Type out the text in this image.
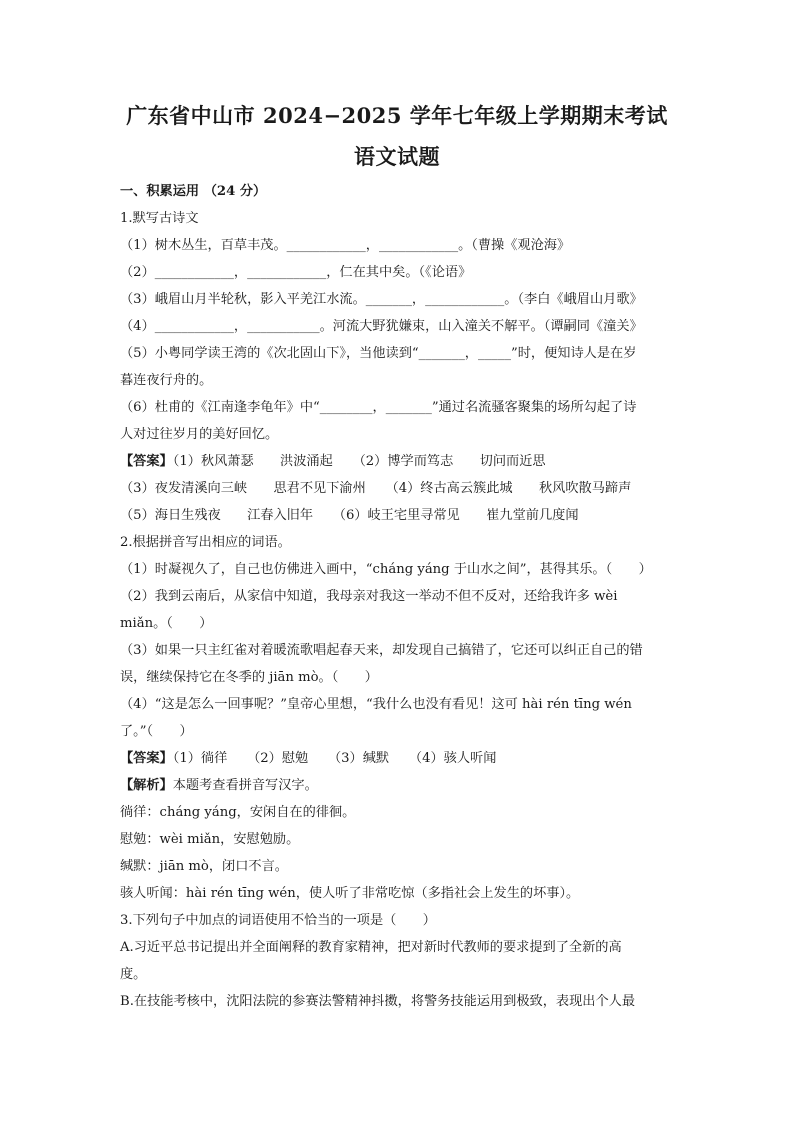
广东省中山市 2024−2025 学年七年级上学期期末考试
语文试题
一、积累运用 （24 分）
1.默写古诗文
（1）树木丛生，百草丰茂。____________，____________。（曹操《观沧海》
（2）____________，____________，仁在其中矣。（《论语》
（3）峨眉山月半轮秋，影入平羌江水流。_______，____________。（李白《峨眉山月歌》
（4）____________，___________。河流大野犹嫌束，山入潼关不解平。（谭嗣同《潼关》
（5）小粤同学读王湾的《次北固山下》，当他读到“_______，_____”时，便知诗人是在岁
暮连夜行舟的。
（6）杜甫的《江南逢李龟年》中“________，_______”通过名流骚客聚集的场所勾起了诗
人对过往岁月的美好回忆。
【答案】（1）秋风萧瑟　　洪波涌起　　（2）博学而笃志　　切问而近思
（3）夜发清溪向三峡　　思君不见下渝州　　（4）终古高云簇此城　　秋风吹散马蹄声
（5）海日生残夜　　江春入旧年　　（6）岐王宅里寻常见　　崔九堂前几度闻
2.根据拼音写出相应的词语。
（1）时凝视久了，自己也仿佛进入画中，“cháng yáng 于山水之间”，甚得其乐。（　　）
（2）我到云南后，从家信中知道，我母亲对我这一举动不但不反对，还给我许多 wèi
miǎn。（　　）
（3）如果一只主红雀对着暖流歌唱起春天来，却发现自己搞错了，它还可以纠正自己的错
误，继续保持它在冬季的 jiān mò。（　　）
（4）“这是怎么一回事呢？”皇帝心里想，“我什么也没有看见！这可 hài rén tīng wén
了。”（　　）
【答案】（1）徜徉　　（2）慰勉　　（3）缄默　　（4）骇人听闻
【解析】本题考查看拼音写汉字。
徜徉：cháng yáng，安闲自在的徘徊。
慰勉：wèi miǎn，安慰勉励。
缄默：jiān mò，闭口不言。
骇人听闻：hài rén tīng wén，使人听了非常吃惊（多指社会上发生的坏事）。
3.下列句子中加点的词语使用不恰当的一项是（　　）
A.习近平总书记提出并全面阐释的教育家精神，把对新时代教师的要求提到了全新的高
度。
B.在技能考核中，沈阳法院的参赛法警精神抖擞，将警务技能运用到极致，表现出个人最
